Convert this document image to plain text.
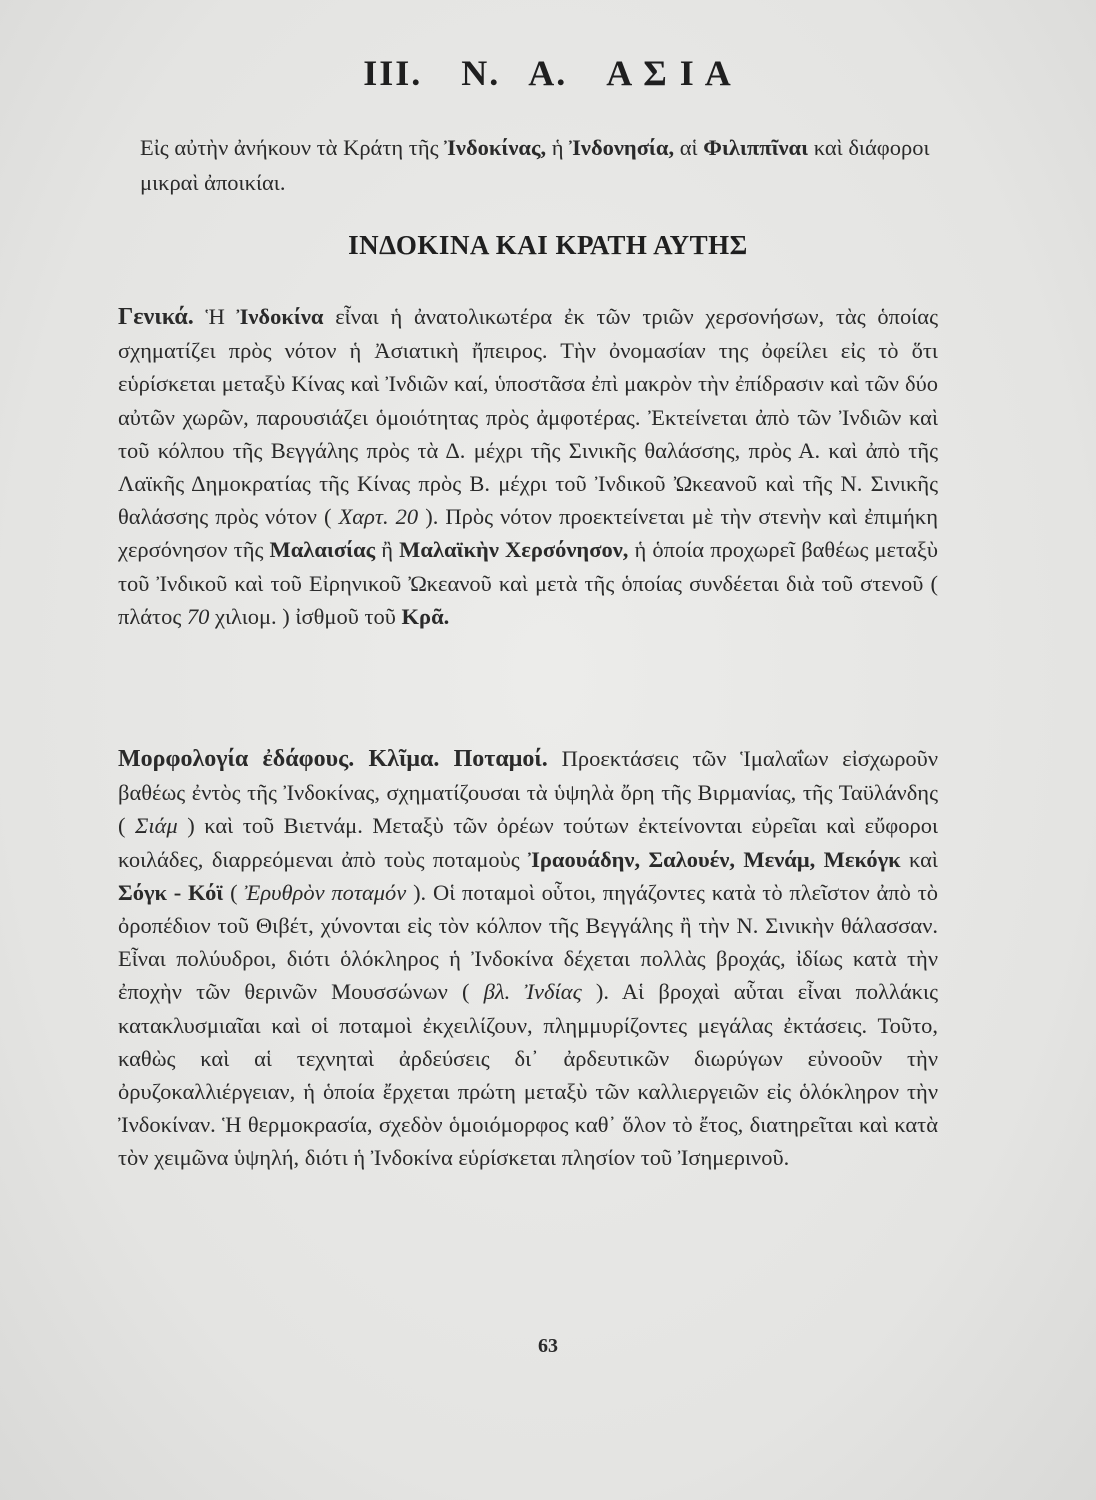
III. Ν. Α. Α Σ Ι Α
Εἰς αὐτὴν ἀνήκουν τὰ Κράτη τῆς Ἰνδοκίνας, ἡ Ἰνδονησία, αἱ Φιλιππῖναι καὶ διάφοροι μικραὶ ἀποικίαι.
ΙΝΔΟΚΙΝΑ ΚΑΙ ΚΡΑΤΗ ΑΥΤΗΣ
Γενικά. Ἡ Ἰνδοκίνα εἶναι ἡ ἀνατολικωτέρα ἐκ τῶν τριῶν χερσονήσων, τὰς ὁποίας σχηματίζει πρὸς νότον ἡ Ἀσιατικὴ ἤπειρος. Τὴν ὀνομασίαν της ὀφείλει εἰς τὸ ὅτι εὑρίσκεται μεταξὺ Κίνας καὶ Ἰνδιῶν καί, ὑποστᾶσα ἐπὶ μακρὸν τὴν ἐπίδρασιν καὶ τῶν δύο αὐτῶν χωρῶν, παρουσιάζει ὁμοιότητας πρὸς ἀμφοτέρας. Ἐκτείνεται ἀπὸ τῶν Ἰνδιῶν καὶ τοῦ κόλπου τῆς Βεγγάλης πρὸς τὰ Δ. μέχρι τῆς Σινικῆς θαλάσσης, πρὸς Α. καὶ ἀπὸ τῆς Λαϊκῆς Δημοκρατίας τῆς Κίνας πρὸς Β. μέχρι τοῦ Ἰνδικοῦ Ὠκεανοῦ καὶ τῆς Ν. Σινικῆς θαλάσσης πρὸς νότον ( Χαρτ. 20 ). Πρὸς νότον προεκτείνεται μὲ τὴν στενὴν καὶ ἐπιμήκη χερσόνησον τῆς Μαλαισίας ἢ Μαλαϊκὴν Χερσόνησον, ἡ ὁποία προχωρεῖ βαθέως μεταξὺ τοῦ Ἰνδικοῦ καὶ τοῦ Εἰρηνικοῦ Ὠκεανοῦ καὶ μετὰ τῆς ὁποίας συνδέεται διὰ τοῦ στενοῦ ( πλάτος 70 χιλιομ. ) ἰσθμοῦ τοῦ Κρᾶ.
Μορφολογία ἐδάφους. Κλῖμα. Ποταμοί. Προεκτάσεις τῶν Ἱμαλαΐων εἰσχωροῦν βαθέως ἐντὸς τῆς Ἰνδοκίνας, σχηματίζουσαι τὰ ὑψηλὰ ὄρη τῆς Βιρμανίας, τῆς Ταϋλάνδης ( Σιάμ ) καὶ τοῦ Βιετνάμ. Μεταξὺ τῶν ὀρέων τούτων ἐκτείνονται εὐρεῖαι καὶ εὔφοροι κοιλάδες, διαρρεόμεναι ἀπὸ τοὺς ποταμοὺς Ἰραουάδην, Σαλουέν, Μενάμ, Μεκόγκ καὶ Σόγκ - Κόϊ ( Ἐρυθρὸν ποταμόν ). Οἱ ποταμοὶ οὗτοι, πηγάζοντες κατὰ τὸ πλεῖστον ἀπὸ τὸ ὀροπέδιον τοῦ Θιβέτ, χύνονται εἰς τὸν κόλπον τῆς Βεγγάλης ἢ τὴν Ν. Σινικὴν θάλασσαν. Εἶναι πολύυδροι, διότι ὁλόκληρος ἡ Ἰνδοκίνα δέχεται πολλὰς βροχάς, ἰδίως κατὰ τὴν ἐποχὴν τῶν θερινῶν Μουσσώνων ( βλ. Ἰνδίας ). Αἱ βροχαὶ αὗται εἶναι πολλάκις κατακλυσμιαῖαι καὶ οἱ ποταμοὶ ἐκχειλίζουν, πλημμυρίζοντες μεγάλας ἐκτάσεις. Τοῦτο, καθὼς καὶ αἱ τεχνηταὶ ἀρδεύσεις δι᾽ ἀρδευτικῶν διωρύγων εὐνοοῦν τὴν ὀρυζοκαλλιέργειαν, ἡ ὁποία ἔρχεται πρώτη μεταξὺ τῶν καλλιεργειῶν εἰς ὁλόκληρον τὴν Ἰνδοκίναν. Ἡ θερμοκρασία, σχεδὸν ὁμοιόμορφος καθ᾽ ὅλον τὸ ἔτος, διατηρεῖται καὶ κατὰ τὸν χειμῶνα ὑψηλή, διότι ἡ Ἰνδοκίνα εὑρίσκεται πλησίον τοῦ Ἰσημερινοῦ.
63
